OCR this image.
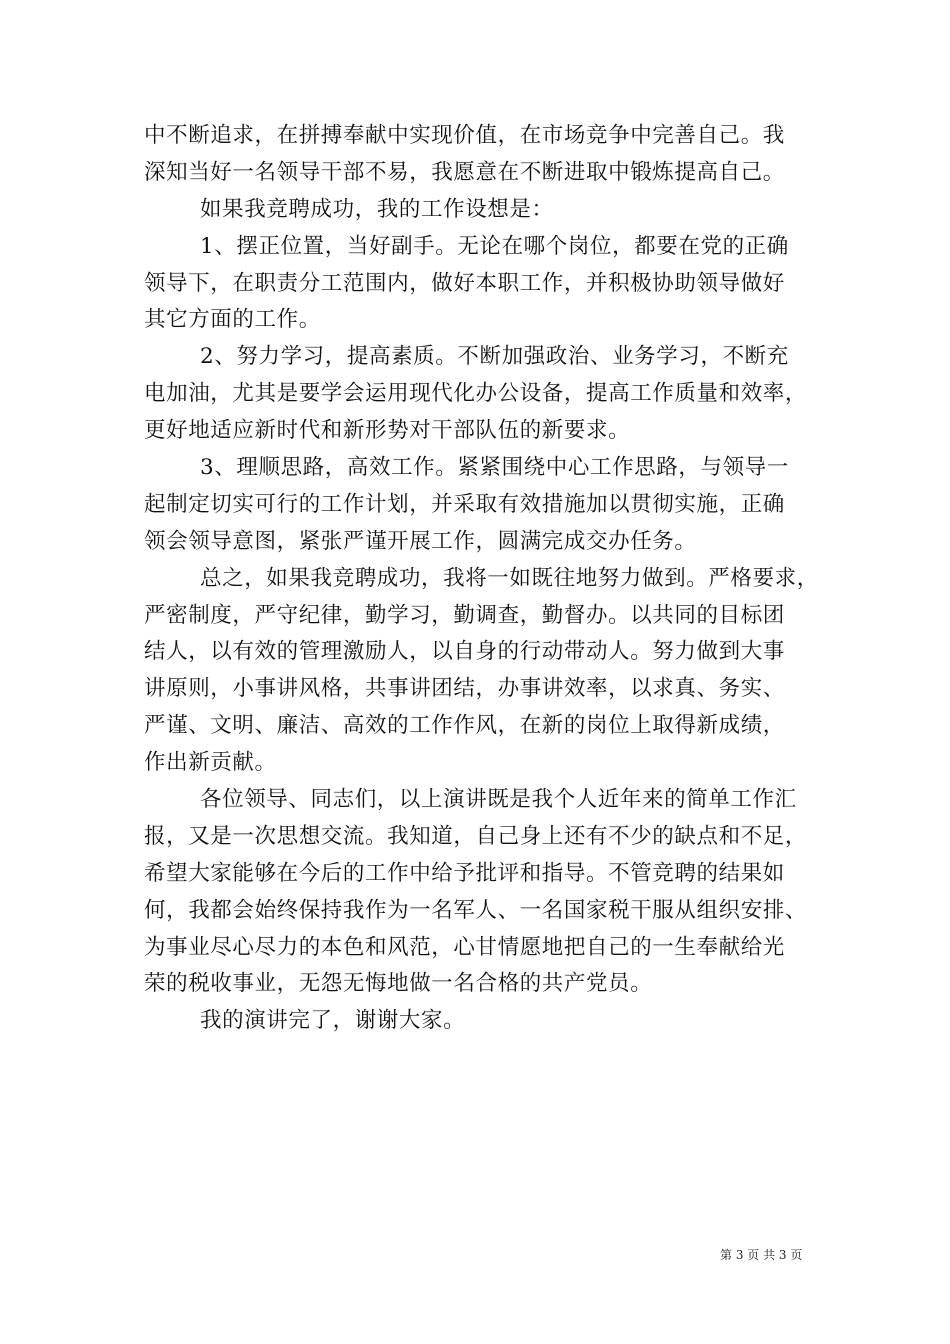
中不断追求，在拼搏奉献中实现价值，在市场竞争中完善自己。我
深知当好一名领导干部不易，我愿意在不断进取中锻炼提高自己。
如果我竞聘成功，我的工作设想是：
1、摆正位置，当好副手。无论在哪个岗位，都要在党的正确
领导下，在职责分工范围内，做好本职工作，并积极协助领导做好
其它方面的工作。
2、努力学习，提高素质。不断加强政治、业务学习，不断充
电加油，尤其是要学会运用现代化办公设备，提高工作质量和效率，
更好地适应新时代和新形势对干部队伍的新要求。
3、理顺思路，高效工作。紧紧围绕中心工作思路，与领导一
起制定切实可行的工作计划，并采取有效措施加以贯彻实施，正确
领会领导意图，紧张严谨开展工作，圆满完成交办任务。
总之，如果我竞聘成功，我将一如既往地努力做到。严格要求，
严密制度，严守纪律，勤学习，勤调查，勤督办。以共同的目标团
结人，以有效的管理激励人，以自身的行动带动人。努力做到大事
讲原则，小事讲风格，共事讲团结，办事讲效率，以求真、务实、
严谨、文明、廉洁、高效的工作作风，在新的岗位上取得新成绩，
作出新贡献。
各位领导、同志们，以上演讲既是我个人近年来的简单工作汇
报，又是一次思想交流。我知道，自己身上还有不少的缺点和不足，
希望大家能够在今后的工作中给予批评和指导。不管竞聘的结果如
何，我都会始终保持我作为一名军人、一名国家税干服从组织安排、
为事业尽心尽力的本色和风范，心甘情愿地把自己的一生奉献给光
荣的税收事业，无怨无悔地做一名合格的共产党员。
我的演讲完了，谢谢大家。
第 3 页 共 3 页
